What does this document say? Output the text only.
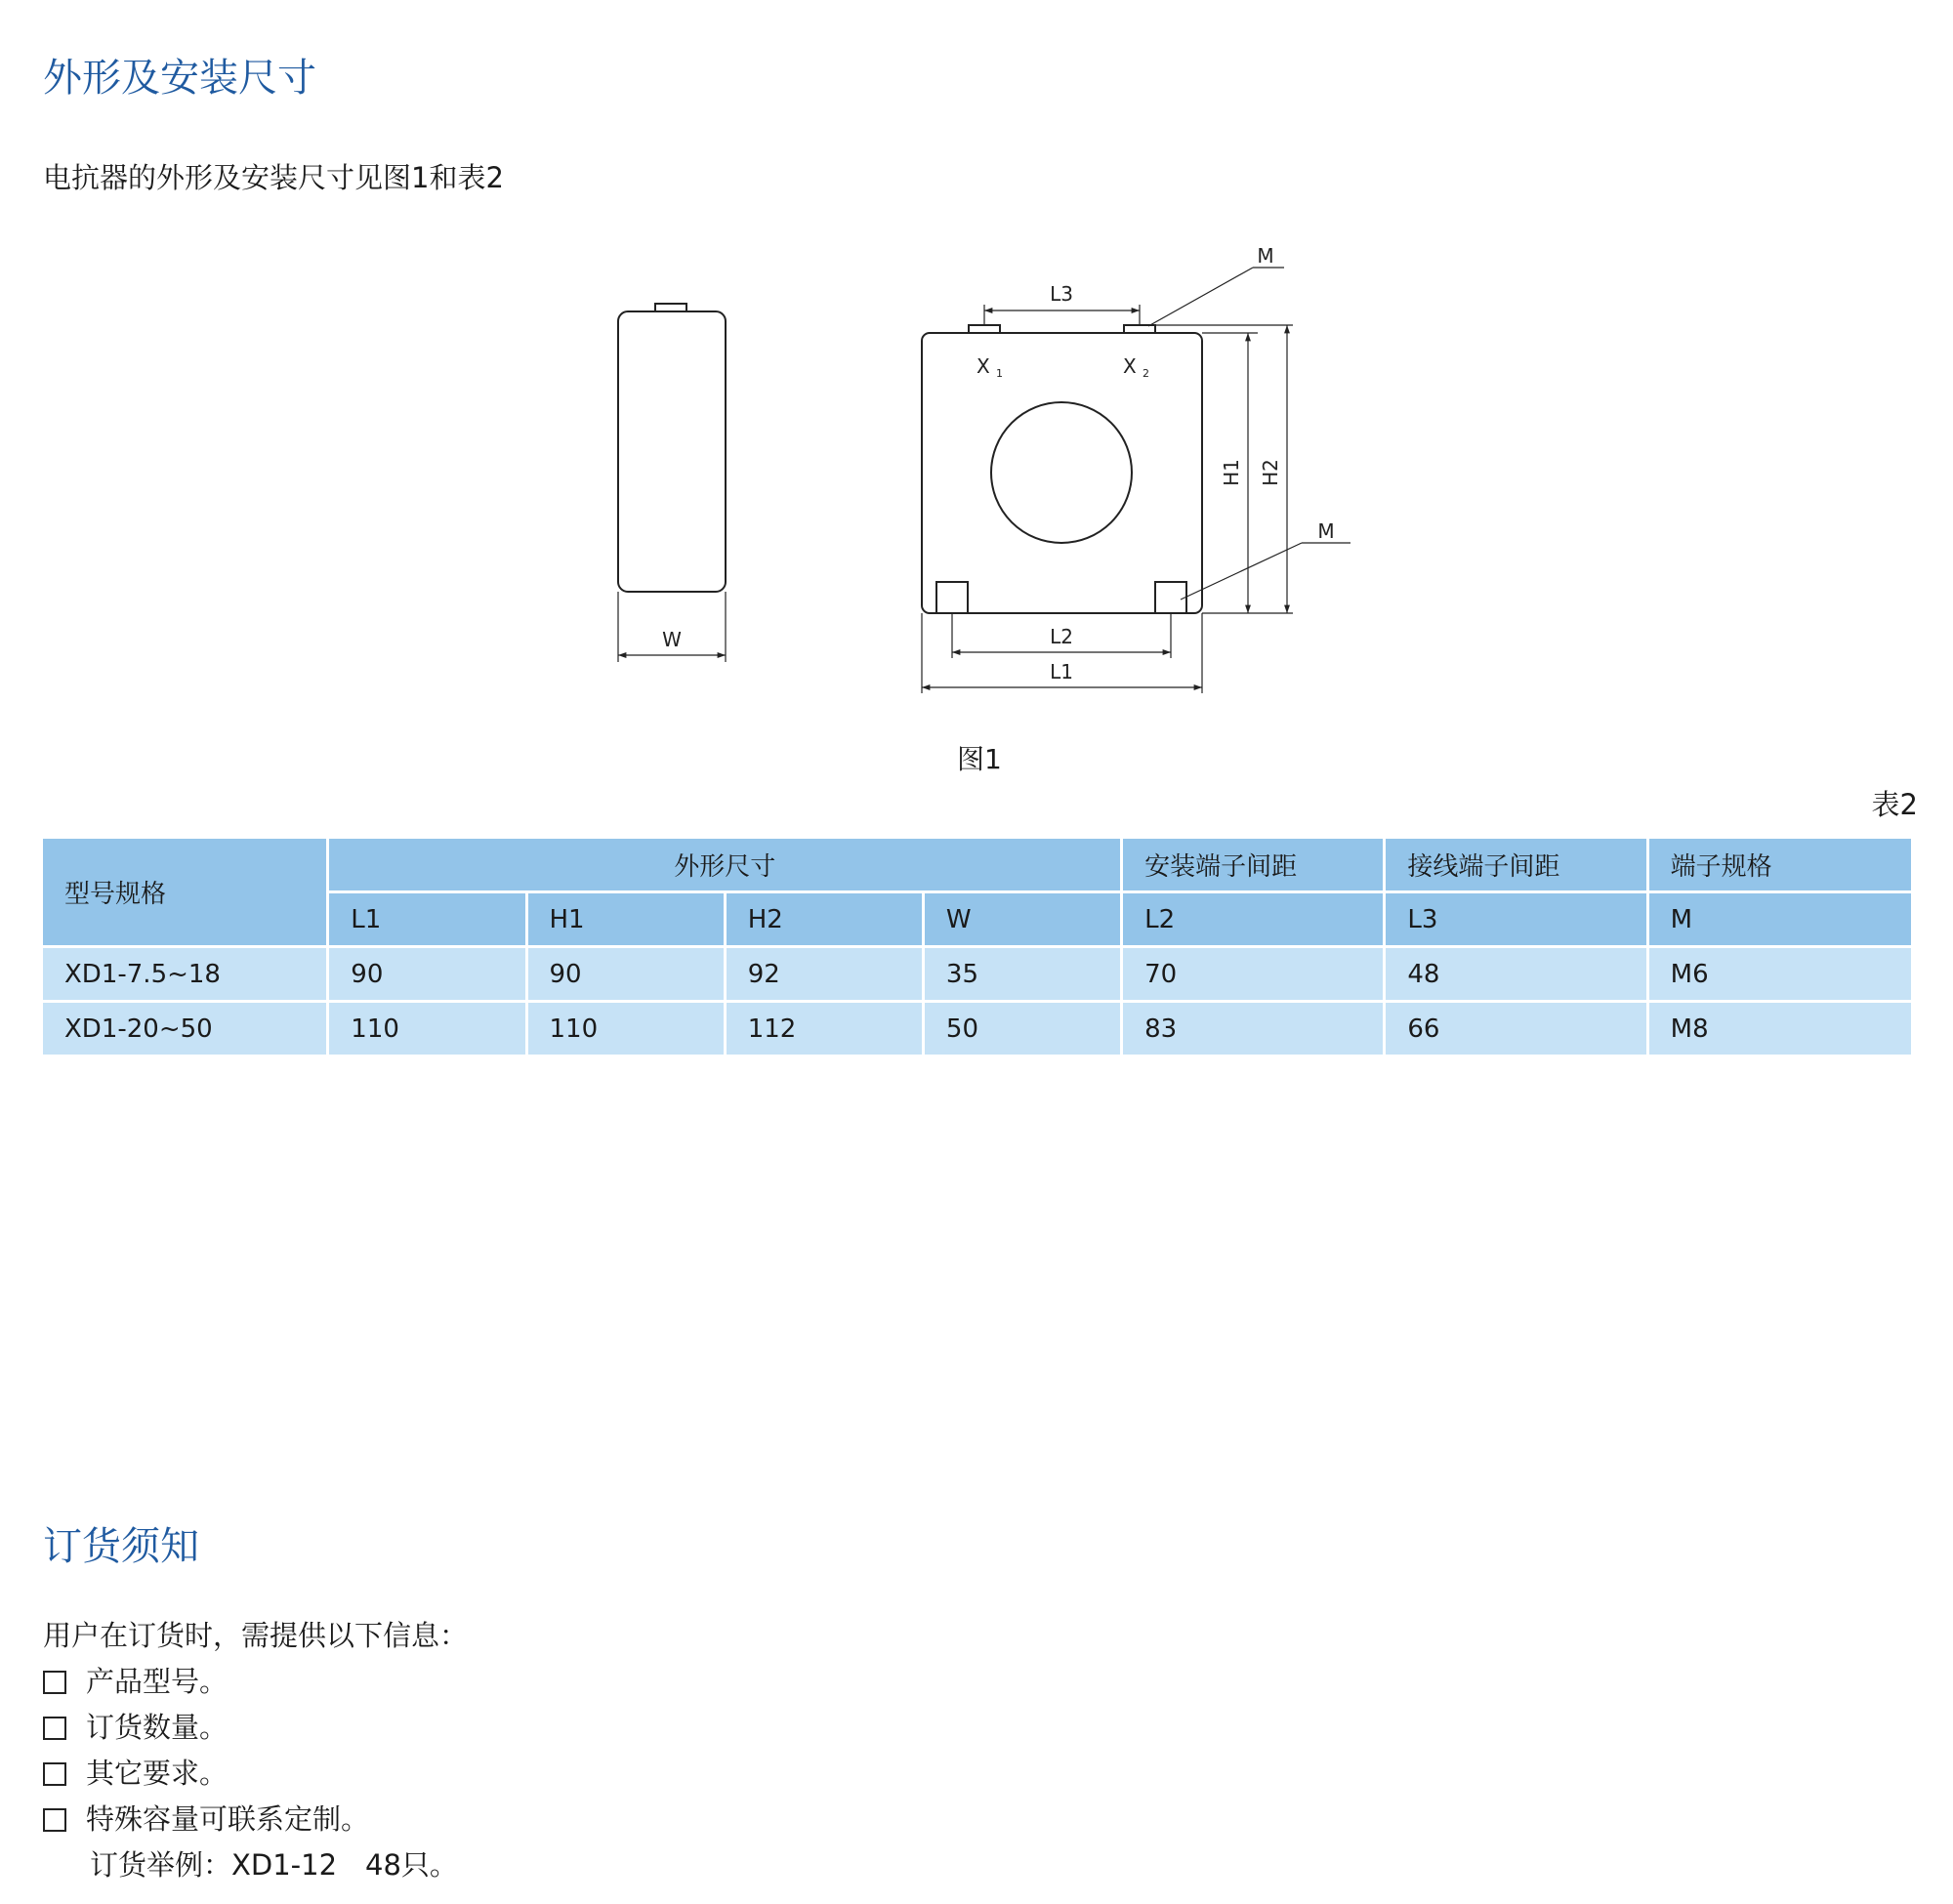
外形及安装尺寸
电抗器的外形及安装尺寸见图1和表2
W
L3
L2
L1
M
M
X 1	X 2
H1 H2
图1
表2
型号规格	外形尺寸				安装端子间距	接线端子间距	端子规格
	L1	H1	H2	W	L2	L3	M
XD1-7.5~18	90	90	92	35	70	48	M6
XD1-20~50	110	110	112	50	83	66	M8
订货须知
用户在订货时，需提供以下信息：
产品型号。
订货数量。
其它要求。
特殊容量可联系定制。
订货举例：XD1-12　48只。
